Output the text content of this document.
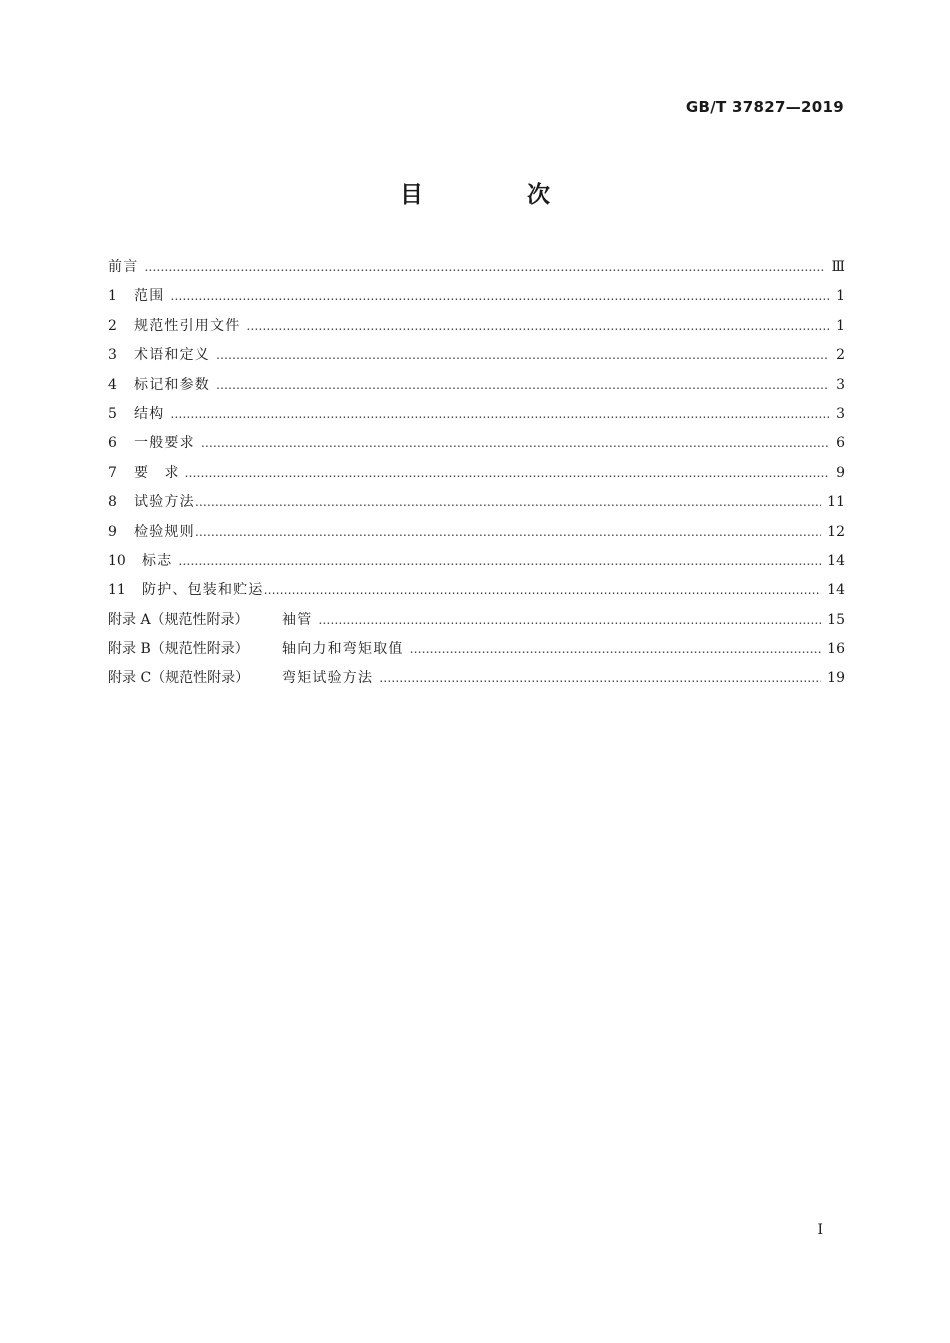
GB/T 37827—2019
目 次
前言 …………………………………………………………………………………………………………………………………………………………………………………………………	Ⅲ
1	范围 …………………………………………………………………………………………………………………………………………………………………………………………………	1
2	规范性引用文件 …………………………………………………………………………………………………………………………………………………………………………………………………	1
3	术语和定义 …………………………………………………………………………………………………………………………………………………………………………………………………	2
4	标记和参数 …………………………………………………………………………………………………………………………………………………………………………………………………	3
5	结构 …………………………………………………………………………………………………………………………………………………………………………………………………	3
6	一般要求 …………………………………………………………………………………………………………………………………………………………………………………………………	6
7	要 求 …………………………………………………………………………………………………………………………………………………………………………………………………	9
8	试验方法 …………………………………………………………………………………………………………………………………………………………………………………………………	11
9	检验规则 …………………………………………………………………………………………………………………………………………………………………………………………………	12
10	标志 …………………………………………………………………………………………………………………………………………………………………………………………………	14
11	防护、包装和贮运 …………………………………………………………………………………………………………………………………………………………………………………………………	14
附录 A（规范性附录）	袖管 …………………………………………………………………………………………………………………………………………………………………………………………………	15
附录 B（规范性附录）	轴向力和弯矩取值 …………………………………………………………………………………………………………………………………………………………………………………………………	16
附录 C（规范性附录）	弯矩试验方法 …………………………………………………………………………………………………………………………………………………………………………………………………	19
I
